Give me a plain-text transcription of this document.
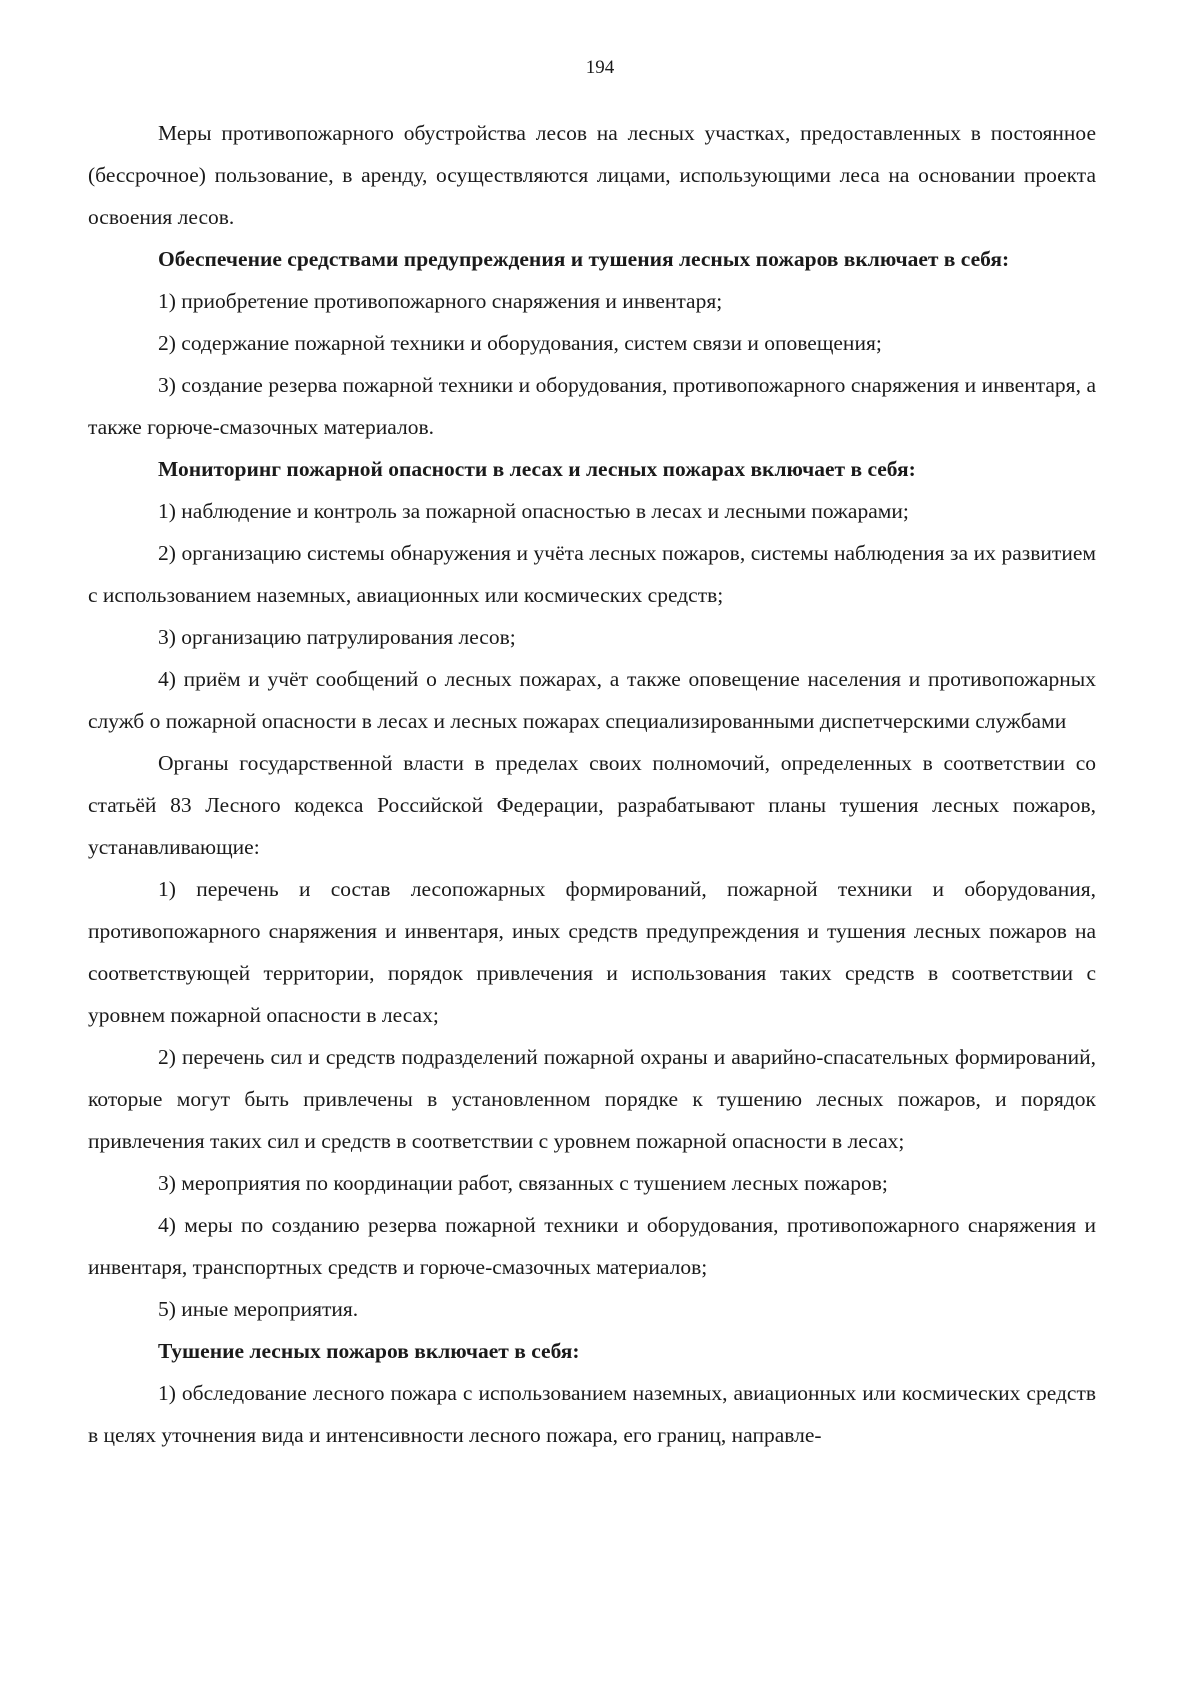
194

Меры противопожарного обустройства лесов на лесных участках, предоставленных в постоянное (бессрочное) пользование, в аренду, осуществляются лицами, использующими леса на основании проекта освоения лесов.

Обеспечение средствами предупреждения и тушения лесных пожаров включает в себя:

1) приобретение противопожарного снаряжения и инвентаря;

2) содержание пожарной техники и оборудования, систем связи и оповещения;

3) создание резерва пожарной техники и оборудования, противопожарного снаряжения и инвентаря, а также горюче-смазочных материалов.

Мониторинг пожарной опасности в лесах и лесных пожарах включает в себя:

1) наблюдение и контроль за пожарной опасностью в лесах и лесными пожарами;

2) организацию системы обнаружения и учёта лесных пожаров, системы наблюдения за их развитием с использованием наземных, авиационных или космических средств;

3) организацию патрулирования лесов;

4) приём и учёт сообщений о лесных пожарах, а также оповещение населения и противопожарных служб о пожарной опасности в лесах и лесных пожарах специализированными диспетчерскими службами

Органы государственной власти в пределах своих полномочий, определенных в соответствии со статьёй 83 Лесного кодекса Российской Федерации, разрабатывают планы тушения лесных пожаров, устанавливающие:

1) перечень и состав лесопожарных формирований, пожарной техники и оборудования, противопожарного снаряжения и инвентаря, иных средств предупреждения и тушения лесных пожаров на соответствующей территории, порядок привлечения и использования таких средств в соответствии с уровнем пожарной опасности в лесах;

2) перечень сил и средств подразделений пожарной охраны и аварийно-спасательных формирований, которые могут быть привлечены в установленном порядке к тушению лесных пожаров, и порядок привлечения таких сил и средств в соответствии с уровнем пожарной опасности в лесах;

3) мероприятия по координации работ, связанных с тушением лесных пожаров;

4) меры по созданию резерва пожарной техники и оборудования, противопожарного снаряжения и инвентаря, транспортных средств и горюче-смазочных материалов;

5) иные мероприятия.

Тушение лесных пожаров включает в себя:

1) обследование лесного пожара с использованием наземных, авиационных или космических средств в целях уточнения вида и интенсивности лесного пожара, его границ, направле-
